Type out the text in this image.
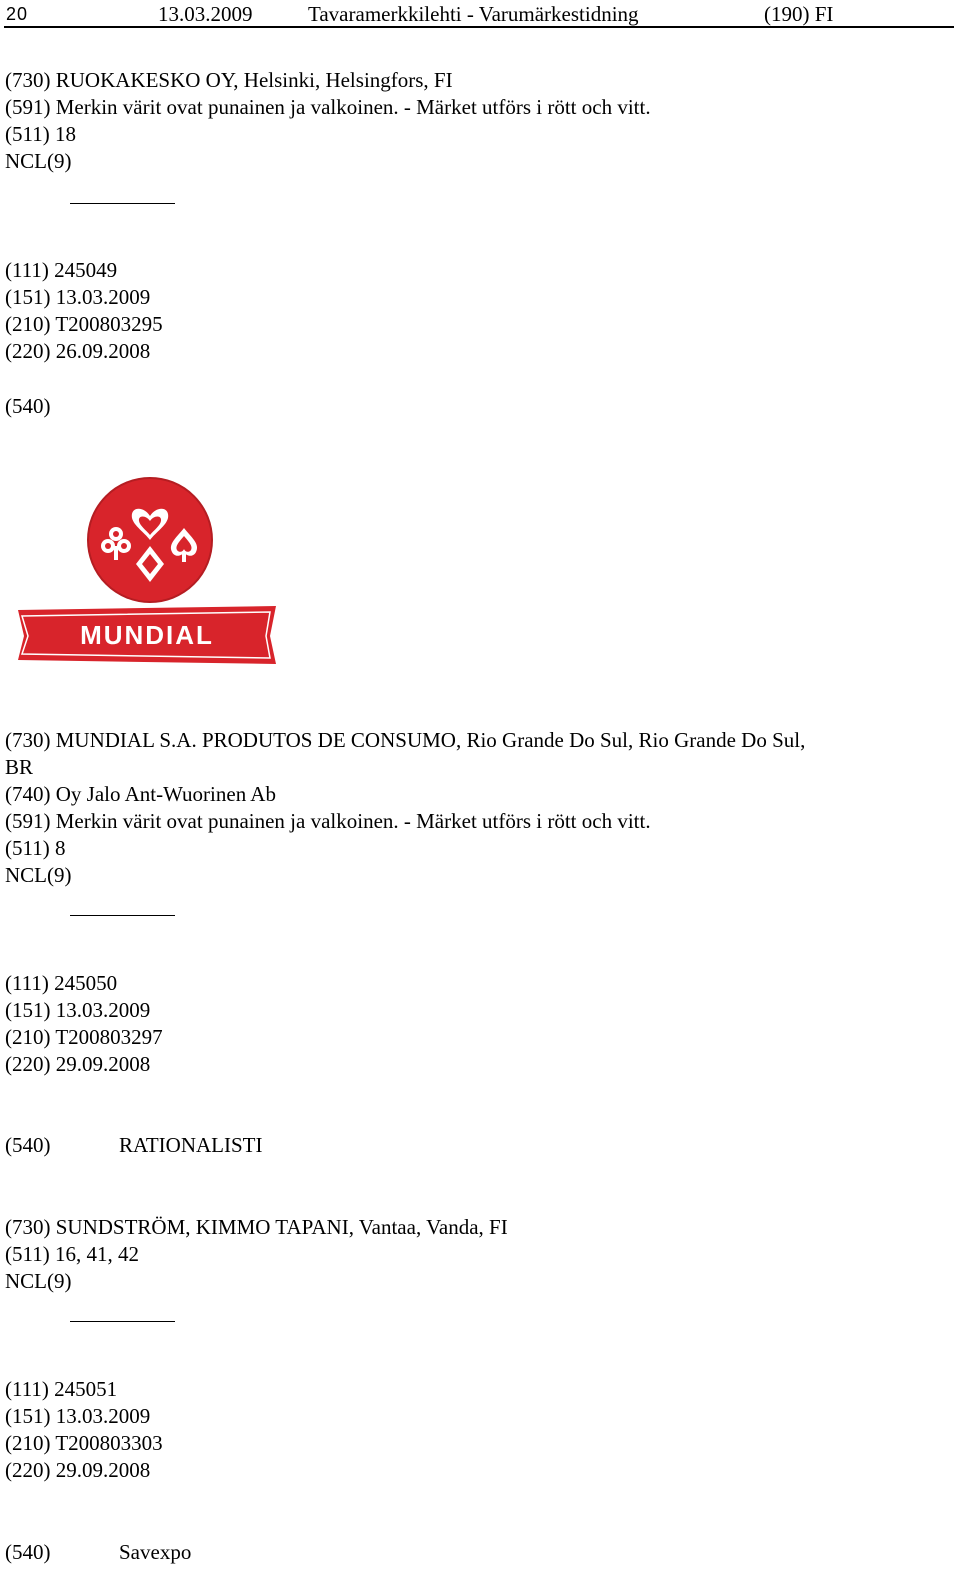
20	13.03.2009	Tavaramerkkilehti - Varumärkestidning	(190) FI
(730) RUOKAKESKO OY, Helsinki, Helsingfors, FI
(591) Merkin värit ovat punainen ja valkoinen. - Märket utförs i rött och vitt.
(511) 18
NCL(9)
(111) 245049
(151) 13.03.2009
(210) T200803295
(220) 26.09.2008
(540)
MUNDIAL
(730) MUNDIAL S.A. PRODUTOS DE CONSUMO, Rio Grande Do Sul, Rio Grande Do Sul,
BR
(740) Oy Jalo Ant-Wuorinen Ab
(591) Merkin värit ovat punainen ja valkoinen. - Märket utförs i rött och vitt.
(511) 8
NCL(9)
(111) 245050
(151) 13.03.2009
(210) T200803297
(220) 29.09.2008
(540)	RATIONALISTI
(730) SUNDSTRÖM, KIMMO TAPANI, Vantaa, Vanda, FI
(511) 16, 41, 42
NCL(9)
(111) 245051
(151) 13.03.2009
(210) T200803303
(220) 29.09.2008
(540)	Savexpo
